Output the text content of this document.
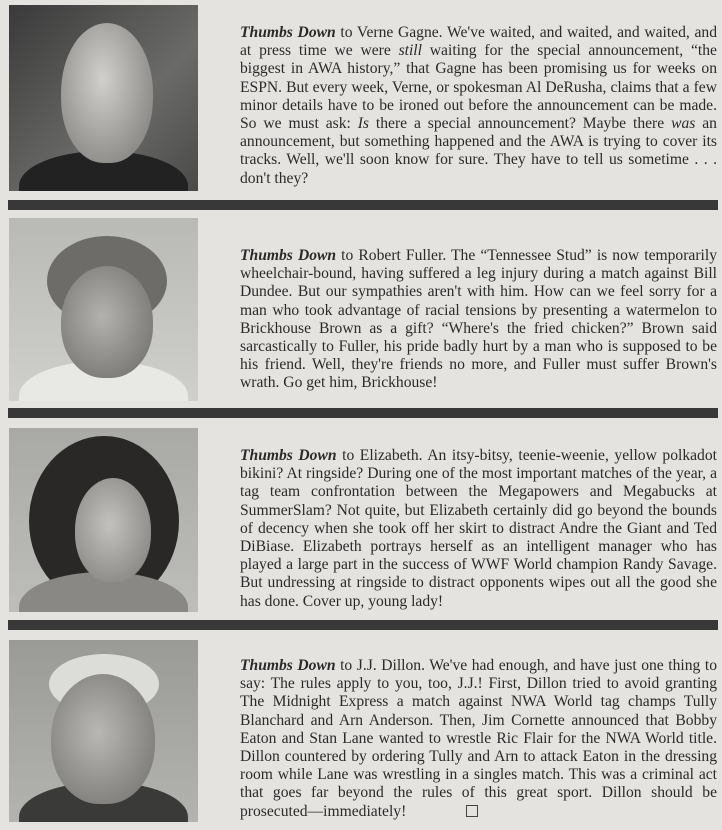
Thumbs Down to Verne Gagne. We've waited, and waited, and waited, and at press time we were still waiting for the special announcement, “the biggest in AWA history,” that Gagne has been promising us for weeks on ESPN. But every week, Verne, or spokesman Al DeRusha, claims that a few minor details have to be ironed out before the announcement can be made. So we must ask: Is there a special announcement? Maybe there was an announcement, but something happened and the AWA is trying to cover its tracks. Well, we'll soon know for sure. They have to tell us sometime . . . don't they?
Thumbs Down to Robert Fuller. The “Tennessee Stud” is now temporarily wheelchair-bound, having suffered a leg injury during a match against Bill Dundee. But our sympathies aren't with him. How can we feel sorry for a man who took advantage of racial tensions by presenting a watermelon to Brickhouse Brown as a gift? “Where's the fried chicken?” Brown said sarcastically to Fuller, his pride badly hurt by a man who is supposed to be his friend. Well, they're friends no more, and Fuller must suffer Brown's wrath. Go get him, Brickhouse!
Thumbs Down to Elizabeth. An itsy-bitsy, teenie-weenie, yellow polkadot bikini? At ringside? During one of the most important matches of the year, a tag team confrontation between the Megapowers and Megabucks at SummerSlam? Not quite, but Elizabeth certainly did go beyond the bounds of decency when she took off her skirt to distract Andre the Giant and Ted DiBiase. Elizabeth portrays herself as an intelligent manager who has played a large part in the success of WWF World champion Randy Savage. But undressing at ringside to distract opponents wipes out all the good she has done. Cover up, young lady!
Thumbs Down to J.J. Dillon. We've had enough, and have just one thing to say: The rules apply to you, too, J.J.! First, Dillon tried to avoid granting The Midnight Express a match against NWA World tag champs Tully Blanchard and Arn Anderson. Then, Jim Cornette announced that Bobby Eaton and Stan Lane wanted to wrestle Ric Flair for the NWA World title. Dillon countered by ordering Tully and Arn to attack Eaton in the dressing room while Lane was wrestling in a singles match. This was a criminal act that goes far beyond the rules of this great sport. Dillon should be prosecuted—immediately!
